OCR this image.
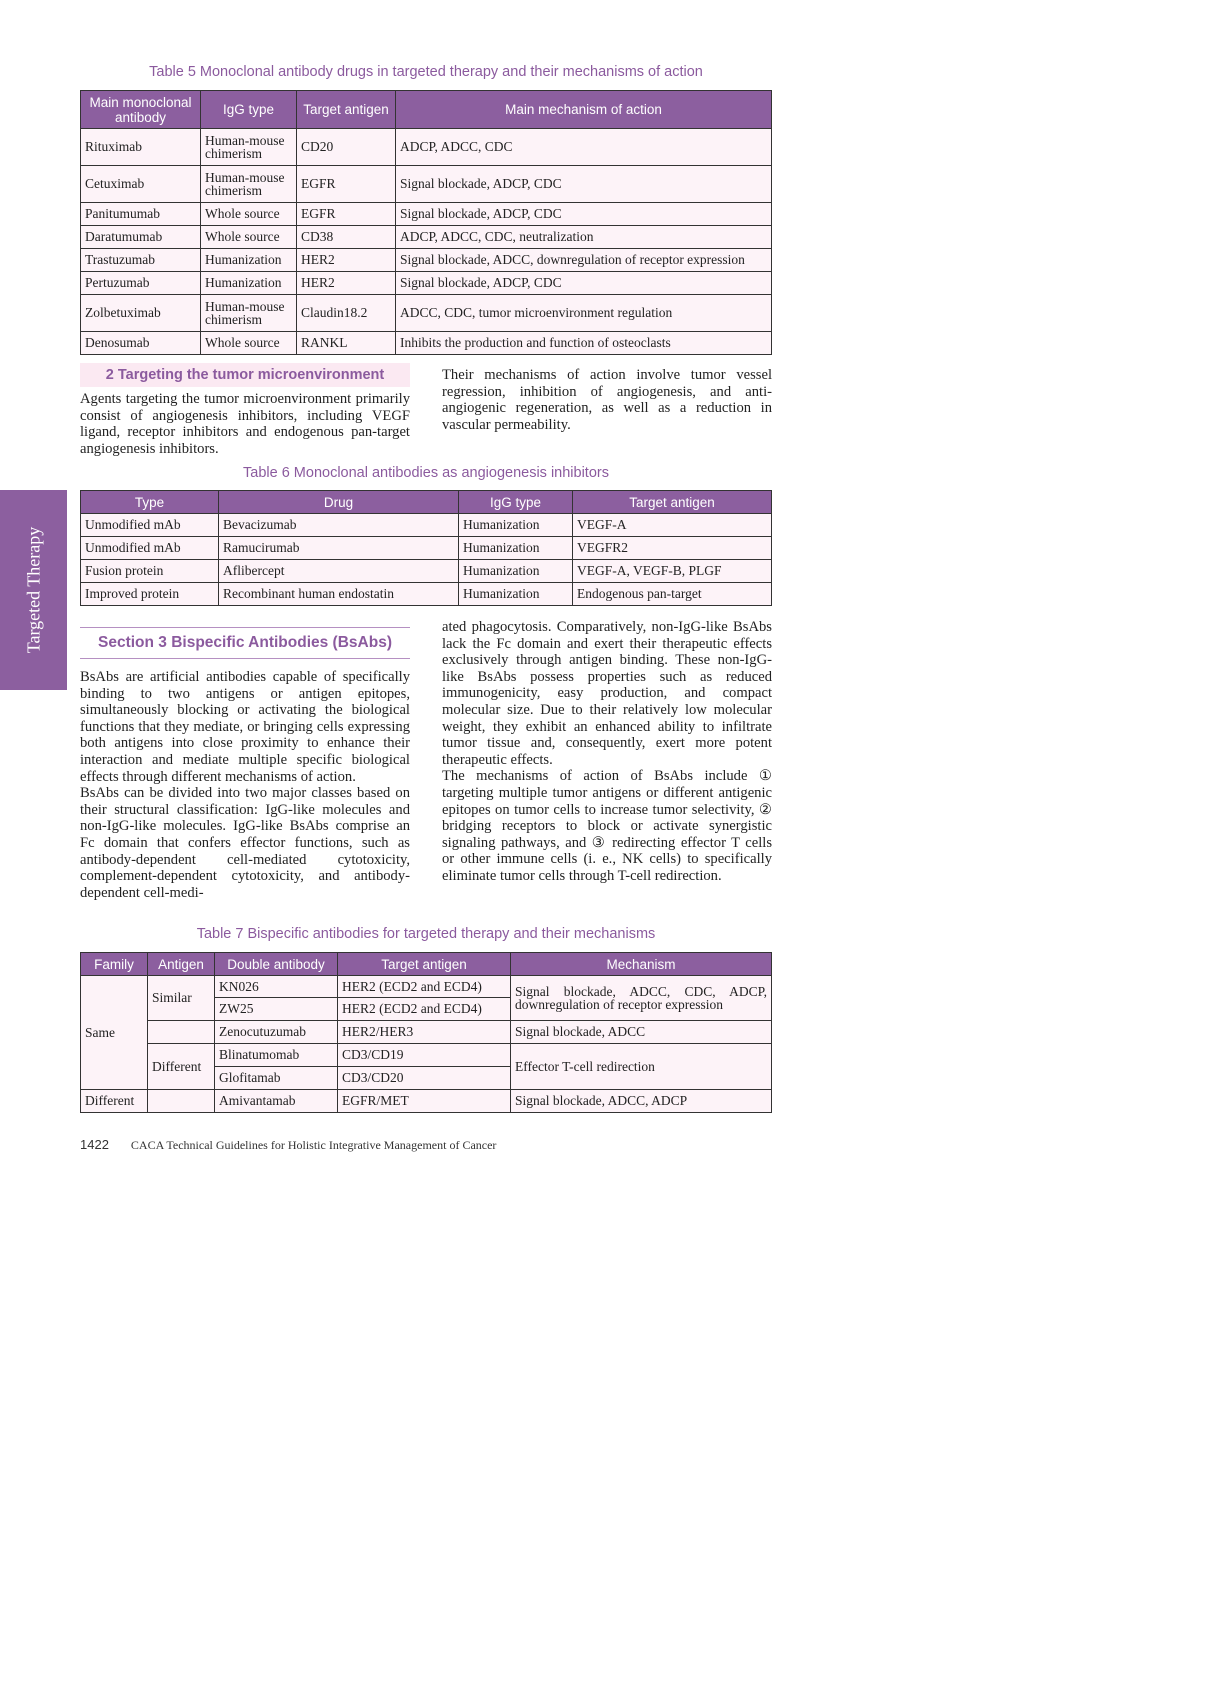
Targeted Therapy
Table 5 Monoclonal antibody drugs in targeted therapy and their mechanisms of action
Main monoclonal antibody	IgG type	Target antigen	Main mechanism of action
Rituximab	Human-mouse chimerism	CD20	ADCP, ADCC, CDC
Cetuximab	Human-mouse chimerism	EGFR	Signal blockade, ADCP, CDC
Panitumumab	Whole source	EGFR	Signal blockade, ADCP, CDC
Daratumumab	Whole source	CD38	ADCP, ADCC, CDC, neutralization
Trastuzumab	Humanization	HER2	Signal blockade, ADCC, downregulation of receptor expression
Pertuzumab	Humanization	HER2	Signal blockade, ADCP, CDC
Zolbetuximab	Human-mouse chimerism	Claudin18.2	ADCC, CDC, tumor microenvironment regulation
Denosumab	Whole source	RANKL	Inhibits the production and function of osteoclasts
2 Targeting the tumor microenvironment

Agents targeting the tumor microenvironment primarily consist of angiogenesis inhibitors, including VEGF ligand, receptor inhibitors and endogenous pan-target angiogenesis inhibitors.

Their mechanisms of action involve tumor vessel regression, inhibition of angiogenesis, and anti-angiogenic regeneration, as well as a reduction in vascular permeability.

Table 6 Monoclonal antibodies as angiogenesis inhibitors
Type	Drug	IgG type	Target antigen
Unmodified mAb	Bevacizumab	Humanization	VEGF-A
Unmodified mAb	Ramucirumab	Humanization	VEGFR2
Fusion protein	Aflibercept	Humanization	VEGF-A, VEGF-B, PLGF
Improved protein	Recombinant human endostatin	Humanization	Endogenous pan-target
Section 3 Bispecific Antibodies (BsAbs)

BsAbs are artificial antibodies capable of specifically binding to two antigens or antigen epitopes, simultaneously blocking or activating the biological functions that they mediate, or bringing cells expressing both antigens into close proximity to enhance their interaction and mediate multiple specific biological effects through different mechanisms of action.

BsAbs can be divided into two major classes based on their structural classification: IgG-like molecules and non-IgG-like molecules. IgG-like BsAbs comprise an Fc domain that confers effector functions, such as antibody-dependent cell-mediated cytotoxicity, complement-dependent cytotoxicity, and antibody-dependent cell-medi-

ated phagocytosis. Comparatively, non-IgG-like BsAbs lack the Fc domain and exert their therapeutic effects exclusively through antigen binding. These non-IgG-like BsAbs possess properties such as reduced immunogenicity, easy production, and compact molecular size. Due to their relatively low molecular weight, they exhibit an enhanced ability to infiltrate tumor tissue and, consequently, exert more potent therapeutic effects.

The mechanisms of action of BsAbs include ① targeting multiple tumor antigens or different antigenic epitopes on tumor cells to increase tumor selectivity, ② bridging receptors to block or activate synergistic signaling pathways, and ③ redirecting effector T cells or other immune cells (i. e., NK cells) to specifically eliminate tumor cells through T-cell redirection.

Table 7 Bispecific antibodies for targeted therapy and their mechanisms
Family	Antigen	Double antibody	Target antigen	Mechanism
Same	Similar	KN026	HER2 (ECD2 and ECD4)	Signal blockade, ADCC, CDC, ADCP, downregulation of receptor expression
		ZW25	HER2 (ECD2 and ECD4)	
		Zenocutuzumab	HER2/HER3	Signal blockade, ADCC
	Different	Blinatumomab	CD3/CD19	Effector T-cell redirection
		Glofitamab	CD3/CD20	
Different		Amivantamab	EGFR/MET	Signal blockade, ADCC, ADCP
1422 CACA Technical Guidelines for Holistic Integrative Management of Cancer
